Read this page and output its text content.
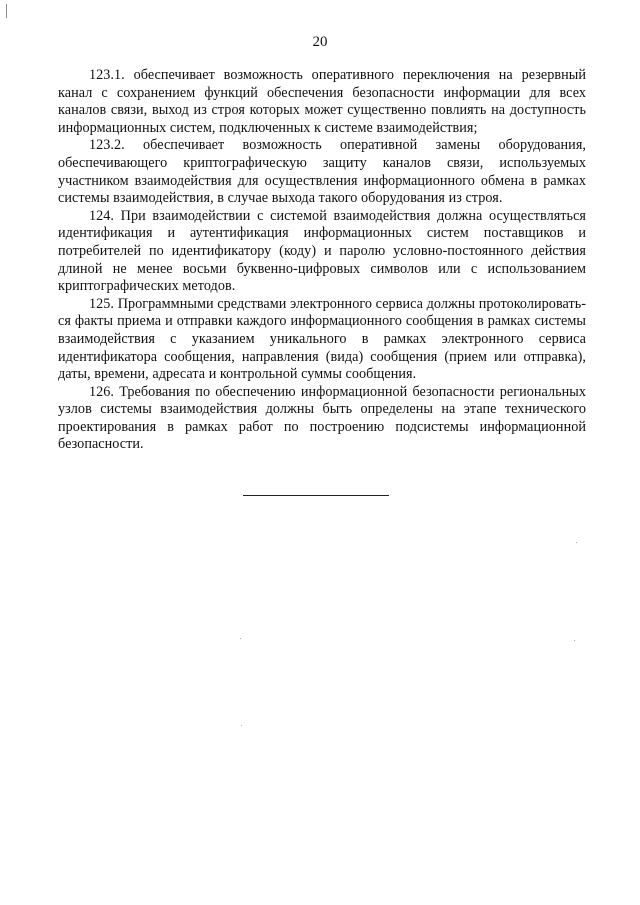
20

123.1. обеспечивает возможность оперативного переключения на резервный канал с сохранением функций обеспечения безопасности информации для всех каналов связи, выход из строя которых может существенно повлиять на доступность информационных систем, подключенных к системе взаимодействия;

123.2. обеспечивает возможность оперативной замены оборудования, обеспечивающего криптографическую защиту каналов связи, используемых участником взаимодействия для осуществления информационного обмена в рамках системы взаимодействия, в случае выхода такого оборудования из строя.

124. При взаимодействии с системой взаимодействия должна осуществляться идентификация и аутентификация информационных систем поставщиков и потребителей по идентификатору (коду) и паролю условно-постоянного действия длиной не менее восьми буквенно-цифровых символов или с использованием криптографических методов.

125. Программными средствами электронного сервиса должны протоколироваться факты приема и отправки каждого информационного сообщения в рамках системы взаимодействия с указанием уникального в рамках электронного сервиса идентификатора сообщения, направления (вида) сообщения (прием или отправка), даты, времени, адресата и контрольной суммы сообщения.

126. Требования по обеспечению информационной безопасности региональных узлов системы взаимодействия должны быть определены на этапе технического проектирования в рамках работ по построению подсистемы информационной безопасности.
